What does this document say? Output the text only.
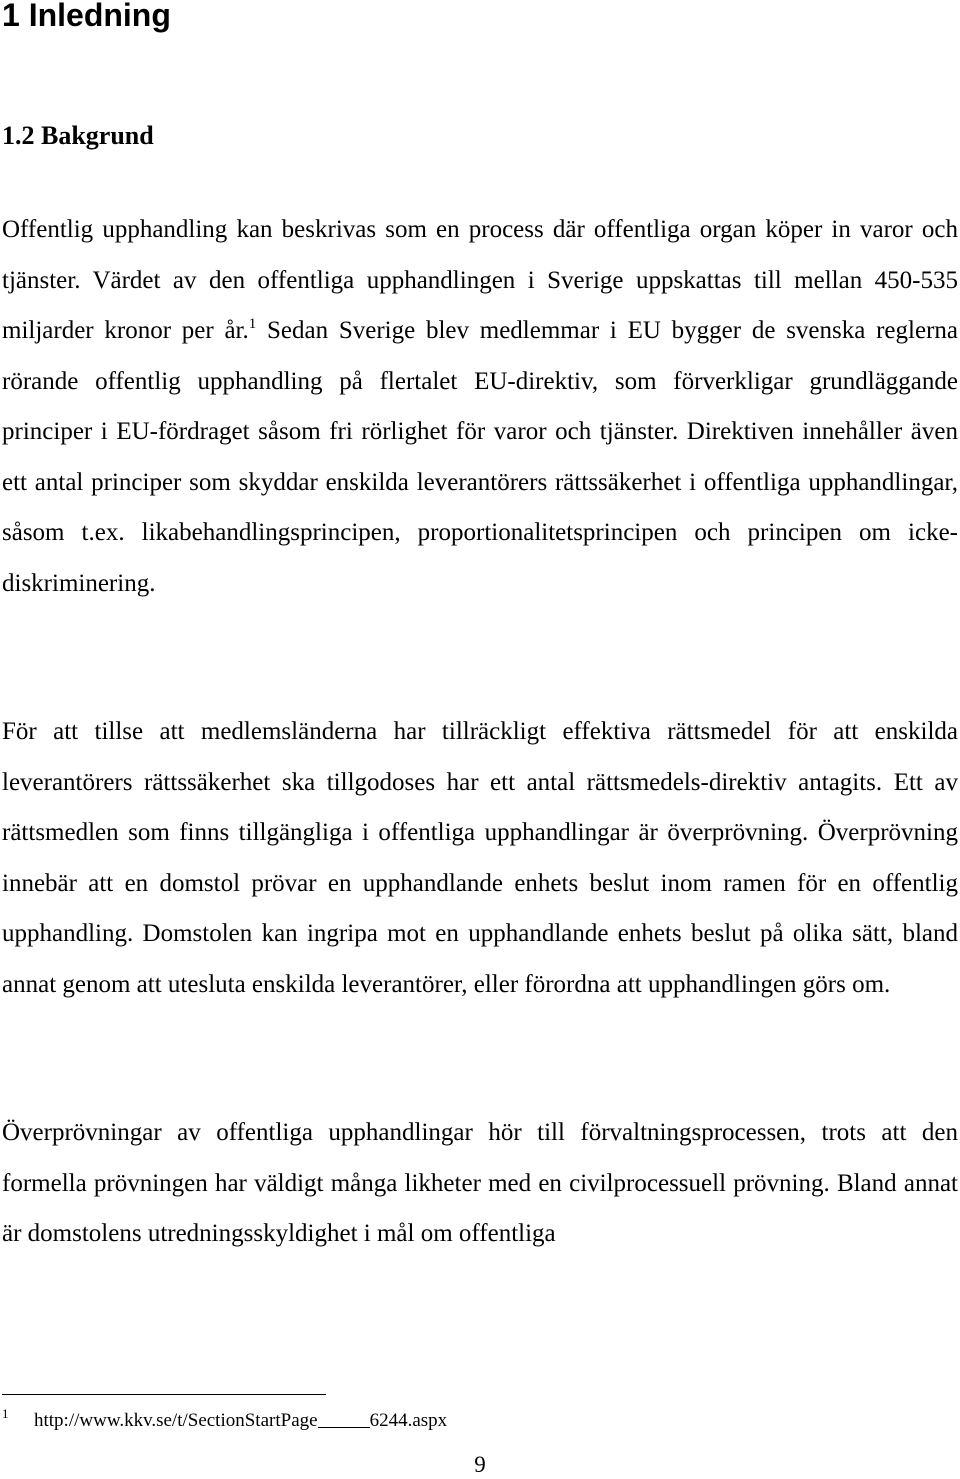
1 Inledning
1.2 Bakgrund

Offentlig upphandling kan beskrivas som en process där offentliga organ köper in varor och tjänster. Värdet av den offentliga upphandlingen i Sverige uppskattas till mellan 450-535 miljarder kronor per år.$^1$ Sedan Sverige blev medlemmar i EU bygger de svenska reglerna rörande offentlig upphandling på flertalet EU-direktiv, som förverkligar grundläggande principer i EU-fördraget såsom fri rörlighet för varor och tjänster. Direktiven innehåller även ett antal principer som skyddar enskilda leverantörers rättssäkerhet i offentliga upphandlingar, såsom t.ex. likabehandlingsprincipen, proportionalitetsprincipen och principen om icke-diskriminering.

För att tillse att medlemsländerna har tillräckligt effektiva rättsmedel för att enskilda leverantörers rättssäkerhet ska tillgodoses har ett antal rättsmedels-direktiv antagits. Ett av rättsmedlen som finns tillgängliga i offentliga upphandlingar är överprövning. Överprövning innebär att en domstol prövar en upphandlande enhets beslut inom ramen för en offentlig upphandling. Domstolen kan ingripa mot en upphandlande enhets beslut på olika sätt, bland annat genom att utesluta enskilda leverantörer, eller förordna att upphandlingen görs om.

Överprövningar av offentliga upphandlingar hör till förvaltningsprocessen, trots att den formella prövningen har väldigt många likheter med en civilprocessuell prövning. Bland annat är domstolens utredningsskyldighet i mål om offentliga

1 http://www.kkv.se/t/SectionStartPage	6244.aspx
9
